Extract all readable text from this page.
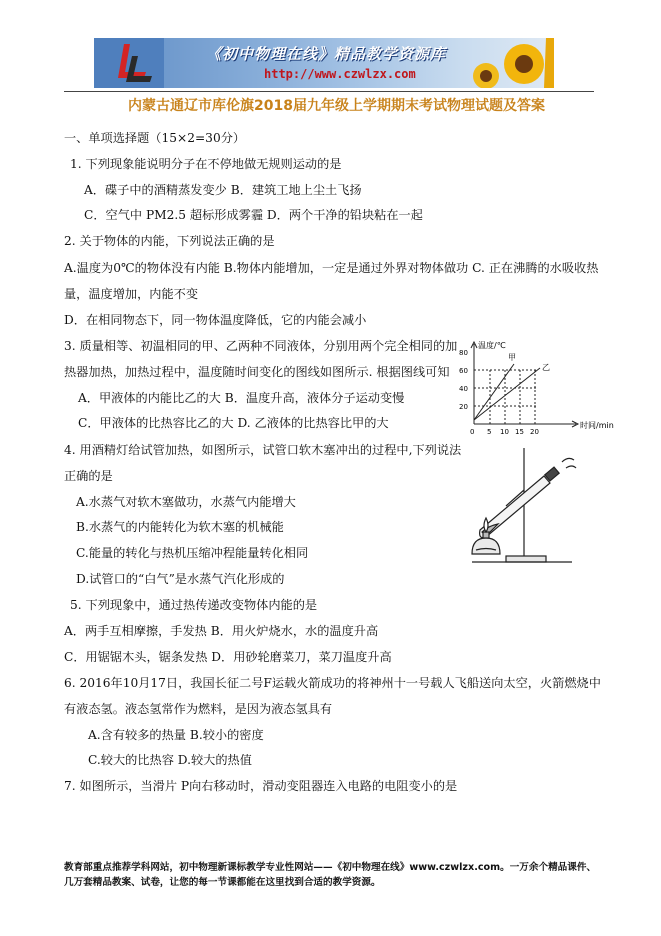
《初中物理在线》精品教学资源库
http://www.czwlzx.com
内蒙古通辽市库伦旗2018届九年级上学期期末考试物理试题及答案
一、单项选择题（15×2=30分）
1. 下列现象能说明分子在不停地做无规则运动的是
A．碟子中的酒精蒸发变少 B．建筑工地上尘土飞扬
C．空气中 PM2.5 超标形成雾霾 D．两个干净的铅块粘在一起
2. 关于物体的内能，下列说法正确的是
A.温度为0℃的物体没有内能 B.物体内能增加，一定是通过外界对物体做功 C. 正在沸腾的水吸收热
量，温度增加，内能不变
D．在相同物态下，同一物体温度降低，它的内能会减小
3. 质量相等、初温相同的甲、乙两种不同液体，分别用两个完全相同的加
热器加热，加热过程中，温度随时间变化的图线如图所示. 根据图线可知
A．甲液体的内能比乙的大 B．温度升高，液体分子运动变慢
C．甲液体的比热容比乙的大 D. 乙液体的比热容比甲的大
4. 用酒精灯给试管加热，如图所示，试管口软木塞冲出的过程中,下列说法
正确的是
A.水蒸气对软木塞做功，水蒸气内能增大
B.水蒸气的内能转化为软木塞的机械能
C.能量的转化与热机压缩冲程能量转化相同
D.试管口的“白气”是水蒸气汽化形成的
5. 下列现象中，通过热传递改变物体内能的是
A．两手互相摩擦，手发热 B．用火炉烧水，水的温度升高
C．用锯锯木头，锯条发热 D．用砂轮磨菜刀，菜刀温度升高
6. 2016年10月17日，我国长征二号F运载火箭成功的将神州十一号载人飞船送向太空，火箭燃烧中
有液态氢。液态氢常作为燃料，是因为液态氢具有
A.含有较多的热量 B.较小的密度
C.较大的比热容 D.较大的热值
7. 如图所示，当滑片 P向右移动时，滑动变阻器连入电路的电阻变小的是
温度/℃
时间/min
80
60
40
20
0 5 10 15 20
甲
乙
教育部重点推荐学科网站，初中物理新课标教学专业性网站——《初中物理在线》www.czwlzx.com。一万余个精品课件、
几万套精品教案、试卷，让您的每一节课都能在这里找到合适的教学资源。
